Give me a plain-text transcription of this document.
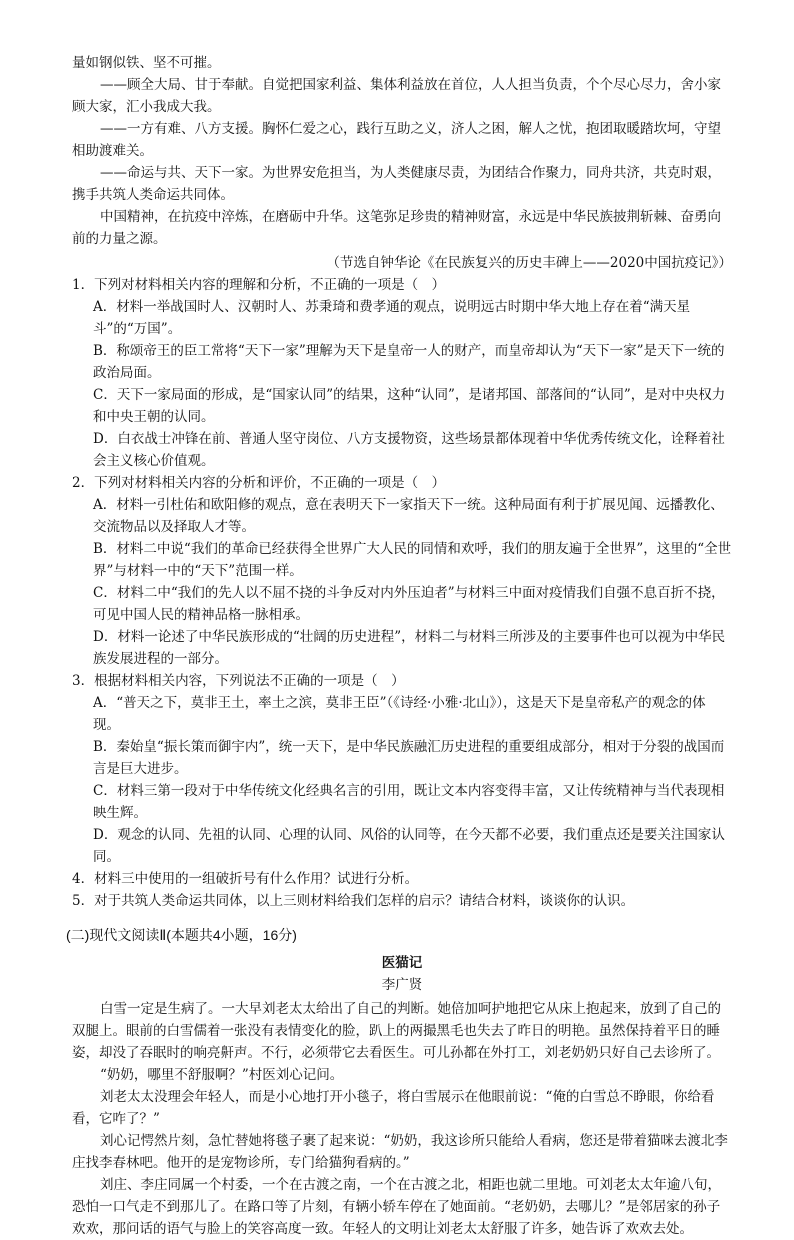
量如钢似铁、坚不可摧。

——顾全大局、甘于奉献。自觉把国家利益、集体利益放在首位，人人担当负责，个个尽心尽力，舍小家顾大家，汇小我成大我。

——一方有难、八方支援。胸怀仁爱之心，践行互助之义，济人之困，解人之忧，抱团取暖踏坎坷，守望相助渡难关。

——命运与共、天下一家。为世界安危担当，为人类健康尽责，为团结合作聚力，同舟共济，共克时艰，携手共筑人类命运共同体。

中国精神，在抗疫中淬炼，在磨砺中升华。这笔弥足珍贵的精神财富，永远是中华民族披荆斩棘、奋勇向前的力量之源。

（节选自钟华论《在民族复兴的历史丰碑上——2020中国抗疫记》）

1．下列对材料相关内容的理解和分析，不正确的一项是（　）

A．材料一举战国时人、汉朝时人、苏秉琦和费孝通的观点，说明远古时期中华大地上存在着“满天星斗”的“万国”。

B．称颂帝王的臣工常将“天下一家”理解为天下是皇帝一人的财产，而皇帝却认为“天下一家”是天下一统的政治局面。

C．天下一家局面的形成，是“国家认同”的结果，这种“认同”，是诸邦国、部落间的“认同”，是对中央权力和中央王朝的认同。

D．白衣战士冲锋在前、普通人坚守岗位、八方支援物资，这些场景都体现着中华优秀传统文化，诠释着社会主义核心价值观。

2．下列对材料相关内容的分析和评价，不正确的一项是（　）

A．材料一引杜佑和欧阳修的观点，意在表明天下一家指天下一统。这种局面有利于扩展见闻、远播教化、交流物品以及择取人才等。

B．材料二中说“我们的革命已经获得全世界广大人民的同情和欢呼，我们的朋友遍于全世界”，这里的“全世界”与材料一中的“天下”范围一样。

C．材料二中“我们的先人以不屈不挠的斗争反对内外压迫者”与材料三中面对疫情我们自强不息百折不挠，可见中国人民的精神品格一脉相承。

D．材料一论述了中华民族形成的“壮阔的历史进程”，材料二与材料三所涉及的主要事件也可以视为中华民族发展进程的一部分。

3．根据材料相关内容，下列说法不正确的一项是（　）

A．“普天之下，莫非王土，率土之滨，莫非王臣”（《诗经·小雅·北山》），这是天下是皇帝私产的观念的体现。

B．秦始皇“振长策而御宇内”，统一天下，是中华民族融汇历史进程的重要组成部分，相对于分裂的战国而言是巨大进步。

C．材料三第一段对于中华传统文化经典名言的引用，既让文本内容变得丰富，又让传统精神与当代表现相映生辉。

D．观念的认同、先祖的认同、心理的认同、风俗的认同等，在今天都不必要，我们重点还是要关注国家认同。

4．材料三中使用的一组破折号有什么作用？试进行分析。

5．对于共筑人类命运共同体，以上三则材料给我们怎样的启示？请结合材料，谈谈你的认识。

(二)现代文阅读Ⅱ(本题共4小题，16分)

医猫记

李广贤

白雪一定是生病了。一大早刘老太太给出了自己的判断。她倍加呵护地把它从床上抱起来，放到了自己的双腿上。眼前的白雪儒着一张没有表情变化的脸，趴上的两撮黑毛也失去了昨日的明艳。虽然保持着平日的睡姿，却没了吞眠时的响亮鼾声。不行，必须带它去看医生。可儿孙都在外打工，刘老奶奶只好自己去诊所了。

“奶奶，哪里不舒服啊？”村医刘心记问。

刘老太太没理会年轻人，而是小心地打开小毯子，将白雪展示在他眼前说：“俺的白雪总不睁眼，你给看看，它咋了？”

刘心记愕然片刻，急忙替她将毯子裹了起来说：“奶奶，我这诊所只能给人看病，您还是带着猫咪去渡北李庄找李春林吧。他开的是宠物诊所，专门给猫狗看病的。”

刘庄、李庄同属一个村委，一个在古渡之南，一个在古渡之北，相距也就二里地。可刘老太太年逾八旬，恐怕一口气走不到那儿了。在路口等了片刻，有辆小轿车停在了她面前。“老奶奶，去哪儿？”是邻居家的孙子欢欢，那问话的语气与脸上的笑容高度一致。年轻人的文明让刘老太太舒服了许多，她告诉了欢欢去处。
